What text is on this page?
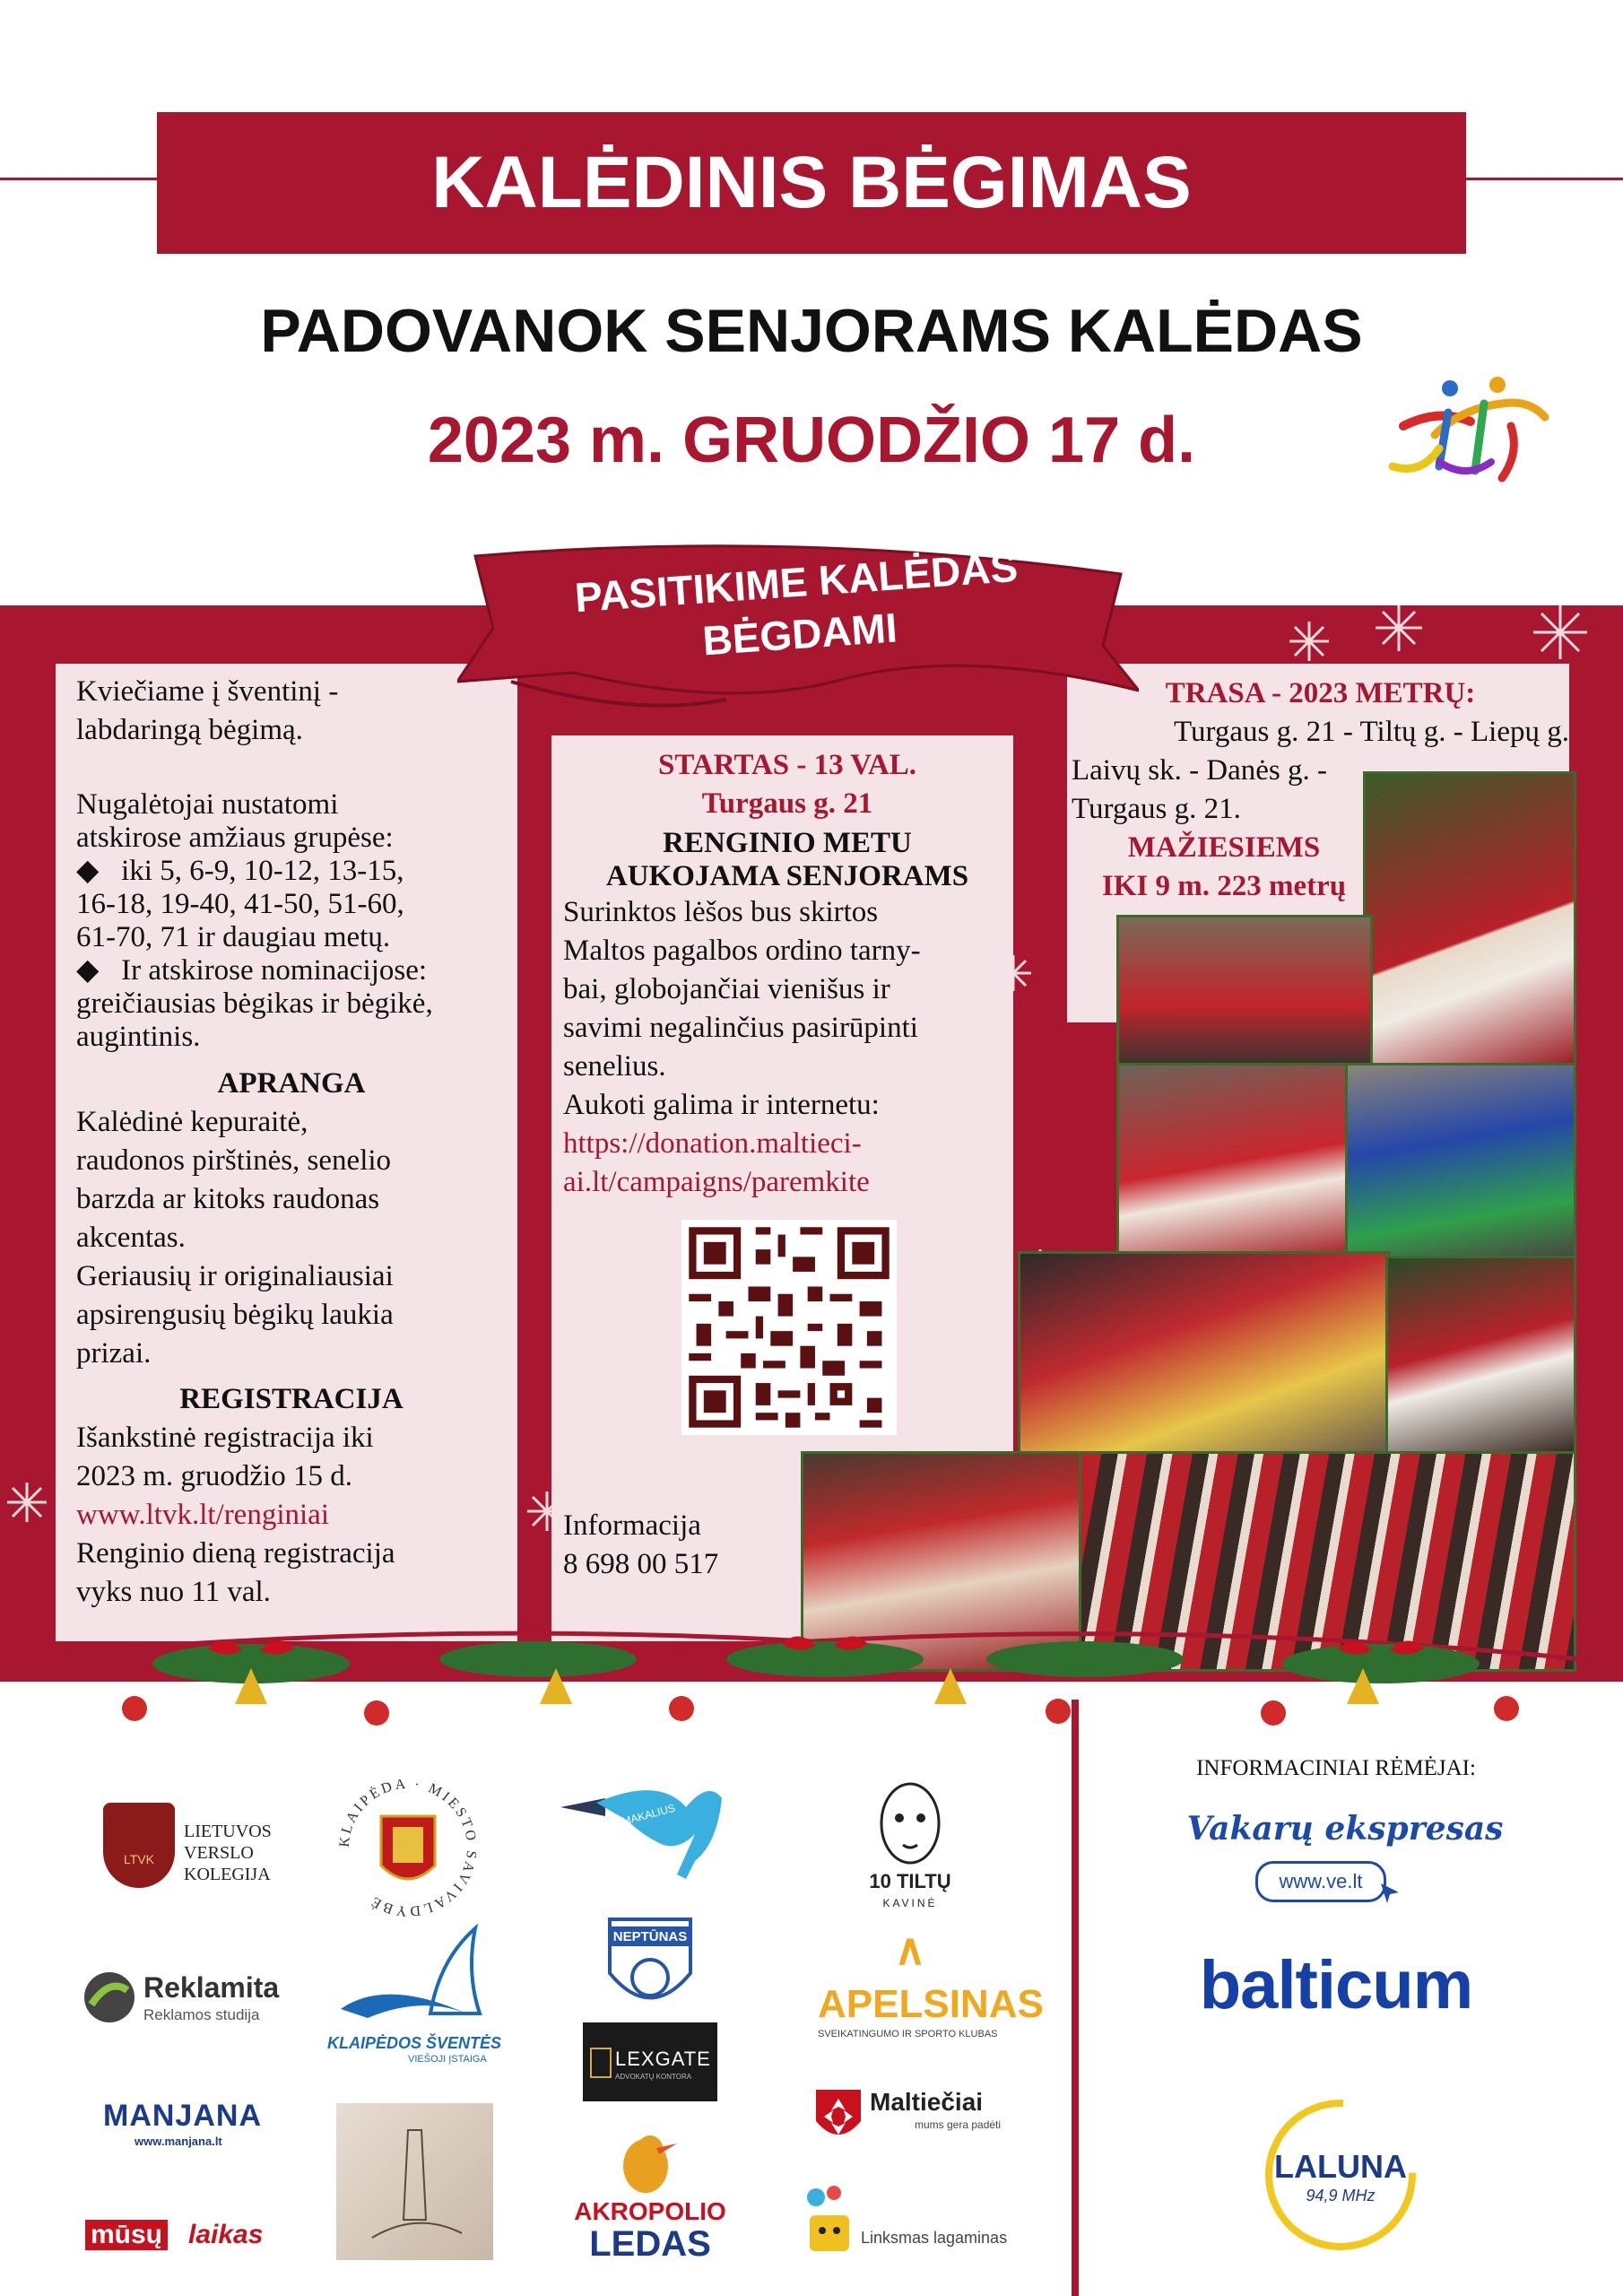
KALĖDINIS BĖGIMAS
PADOVANOK SENJORAMS KALĖDAS
2023 m. GRUODŽIO 17 d.
PASITIKIME KALĖDAS
BĖGDAMI
Kviečiame į šventinį -
labdaringą bėgimą.
Nugalėtojai nustatomi
atskirose amžiaus grupėse:
◆   iki 5, 6-9, 10-12, 13-15,
16-18, 19-40, 41-50, 51-60,
61-70, 71 ir daugiau metų.
◆   Ir atskirose nominacijose:
greičiausias bėgikas ir bėgikė,
augintinis.
APRANGA
Kalėdinė kepuraitė,
raudonos pirštinės, senelio
barzda ar kitoks raudonas
akcentas.
Geriausių ir originaliausiai
apsirengusių bėgikų laukia
prizai.
REGISTRACIJA
Išankstinė registracija iki
2023 m. gruodžio 15 d.
www.ltvk.lt/renginiai
Renginio dieną registracija
vyks nuo 11 val.
STARTAS - 13 VAL.
Turgaus g. 21
RENGINIO METU
AUKOJAMA SENJORAMS
Surinktos lėšos bus skirtos
Maltos pagalbos ordino tarny-
bai, globojančiai vienišus ir
savimi negalinčius pasirūpinti
senelius.
Aukoti galima ir internetu:
https://donation.maltieci-
ai.lt/campaigns/paremkite
Informacija
8 698 00 517
TRASA - 2023 METRŲ:
Turgaus g. 21 - Tiltų g. - Liepų g.
Laivų sk. - Danės g. -
Turgaus g. 21.
MAŽIESIEMS
IKI 9 m. 223 metrų
LTVK
LIETUVOS
VERSLO
KOLEGIJA
KLAIPĖDA · MIESTO SAVIVALDYBĖ
MAKALIUS
10 TILTŲ
KAVINĖ
Reklamita
Reklamos studija
KLAIPĖDOS ŠVENTĖS
VIEŠOJI ĮSTAIGA
NEPTŪNAS	∧
APELSINAS
SVEIKATINGUMO IR SPORTO KLUBAS
MANJANA
www.manjana.lt
LEXGATE
ADVOKATŲ KONTORA
Maltiečiai
mums gera padėti
mūsų laikas
AKROPOLIO
LEDAS	Linksmas lagaminas
INFORMACINIAI RĖMĖJAI:
Vakarų ekspresas
www.ve.lt
balticum
LALUNA
94,9 MHz
